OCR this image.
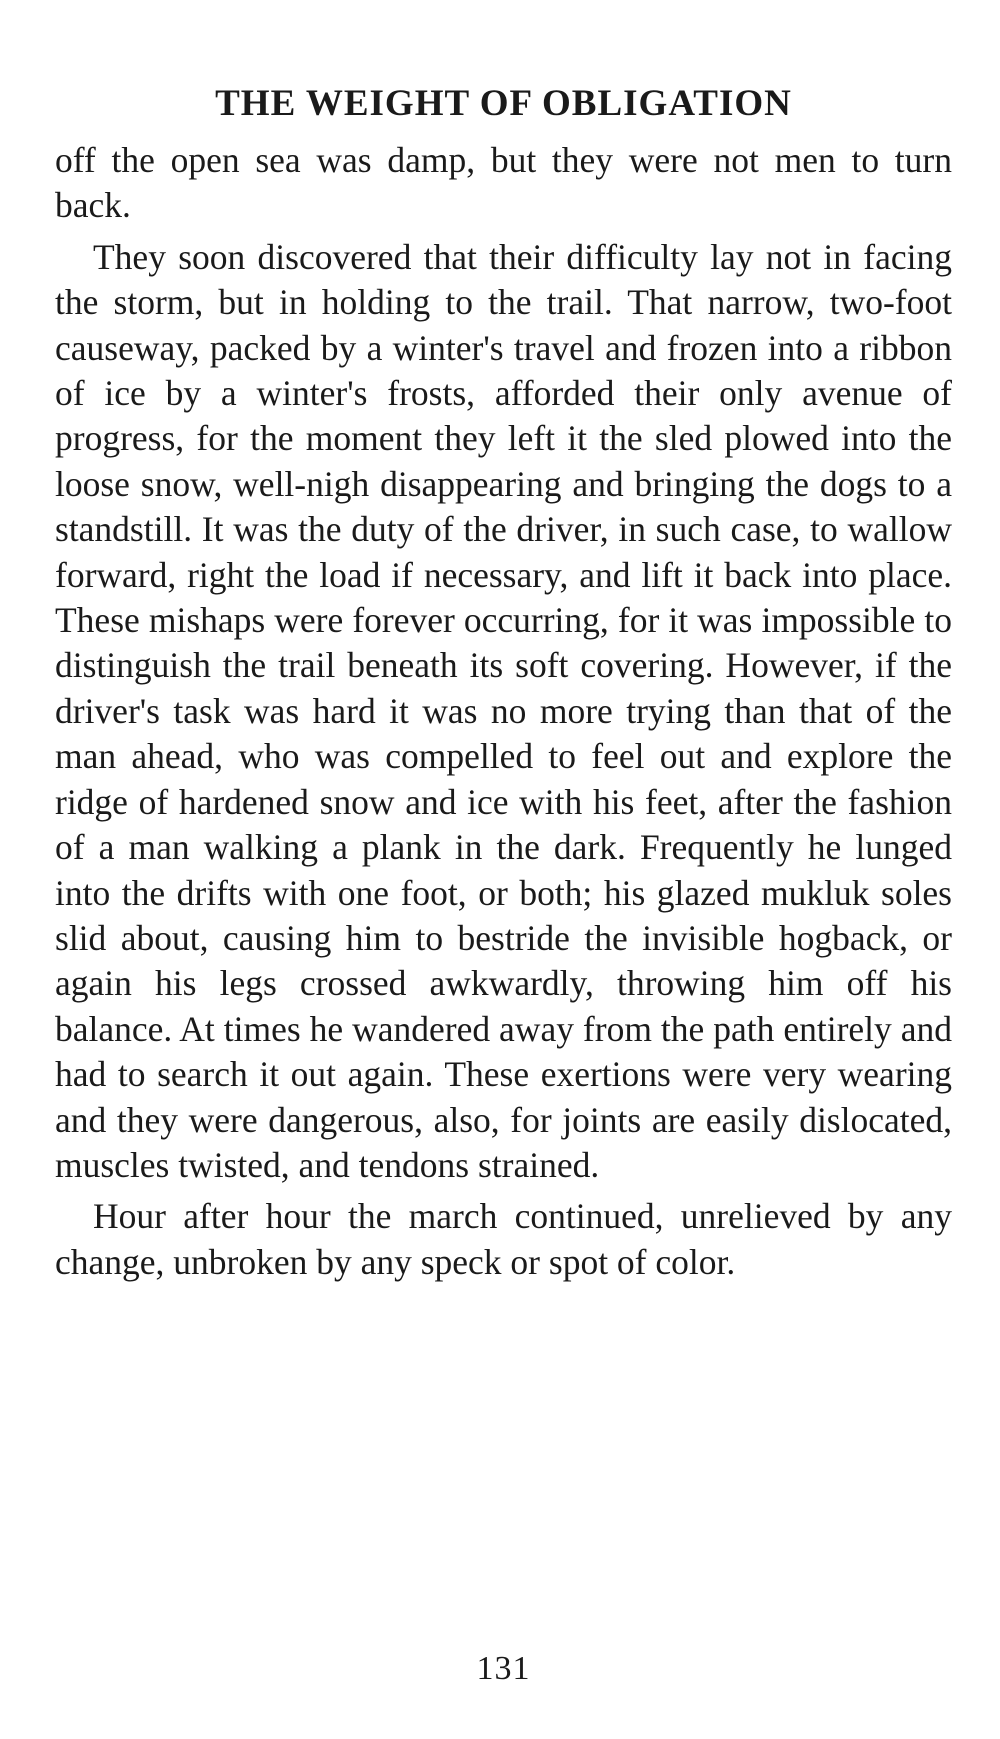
THE WEIGHT OF OBLIGATION

off the open sea was damp, but they were not men to turn back.

They soon discovered that their difficulty lay not in facing the storm, but in holding to the trail. That narrow, two-foot causeway, packed by a winter's travel and frozen into a ribbon of ice by a winter's frosts, afforded their only avenue of progress, for the moment they left it the sled plowed into the loose snow, well-nigh disappearing and bringing the dogs to a standstill. It was the duty of the driver, in such case, to wallow forward, right the load if necessary, and lift it back into place. These mishaps were forever occurring, for it was impossible to distinguish the trail beneath its soft covering. However, if the driver's task was hard it was no more trying than that of the man ahead, who was compelled to feel out and explore the ridge of hardened snow and ice with his feet, after the fashion of a man walking a plank in the dark. Frequently he lunged into the drifts with one foot, or both; his glazed mukluk soles slid about, causing him to bestride the invisible hogback, or again his legs crossed awkwardly, throwing him off his balance. At times he wandered away from the path entirely and had to search it out again. These exertions were very wearing and they were dangerous, also, for joints are easily dislocated, muscles twisted, and tendons strained.

Hour after hour the march continued, unrelieved by any change, unbroken by any speck or spot of color.

131
